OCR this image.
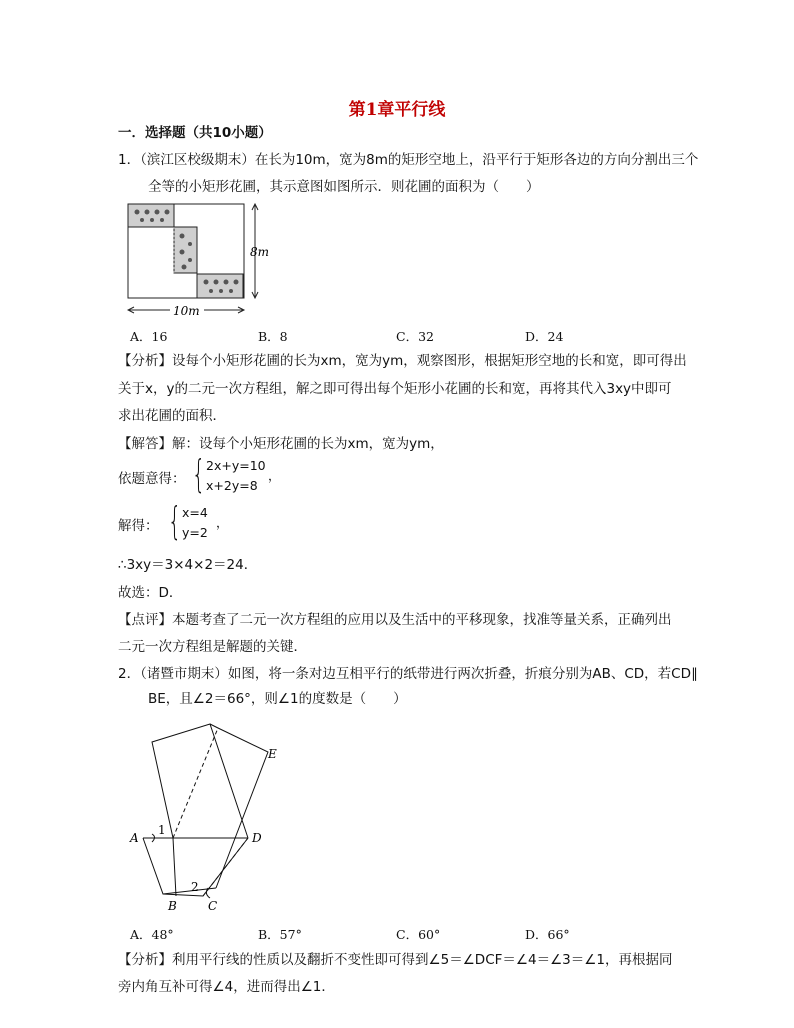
第1章平行线
一．选择题（共10小题）
1．（滨江区校级期末）在长为10m，宽为8m的矩形空地上，沿平行于矩形各边的方向分割出三个
全等的小矩形花圃，其示意图如图所示．则花圃的面积为（　　）
8m
10m
A．16	B．8	C．32	D．24
【分析】设每个小矩形花圃的长为xm，宽为ym，观察图形，根据矩形空地的长和宽，即可得出
关于x，y的二元一次方程组，解之即可得出每个矩形小花圃的长和宽，再将其代入3xy中即可
求出花圃的面积．
【解答】解：设每个小矩形花圃的长为xm，宽为ym，
依题意得： { 2x+y=10
x+2y=8
，
解得： { x=4
y=2
，
∴3xy＝3×4×2＝24．
故选：D．
【点评】本题考查了二元一次方程组的应用以及生活中的平移现象，找准等量关系，正确列出
二元一次方程组是解题的关键．
2．（诸暨市期末）如图，将一条对边互相平行的纸带进行两次折叠，折痕分别为AB、CD，若CD∥
BE，且∠2＝66°，则∠1的度数是（　　）
A
1
D
E
2
B	C
A．48°	B．57°	C．60°	D．66°
【分析】利用平行线的性质以及翻折不变性即可得到∠5＝∠DCF＝∠4＝∠3＝∠1，再根据同
旁内角互补可得∠4，进而得出∠1．
